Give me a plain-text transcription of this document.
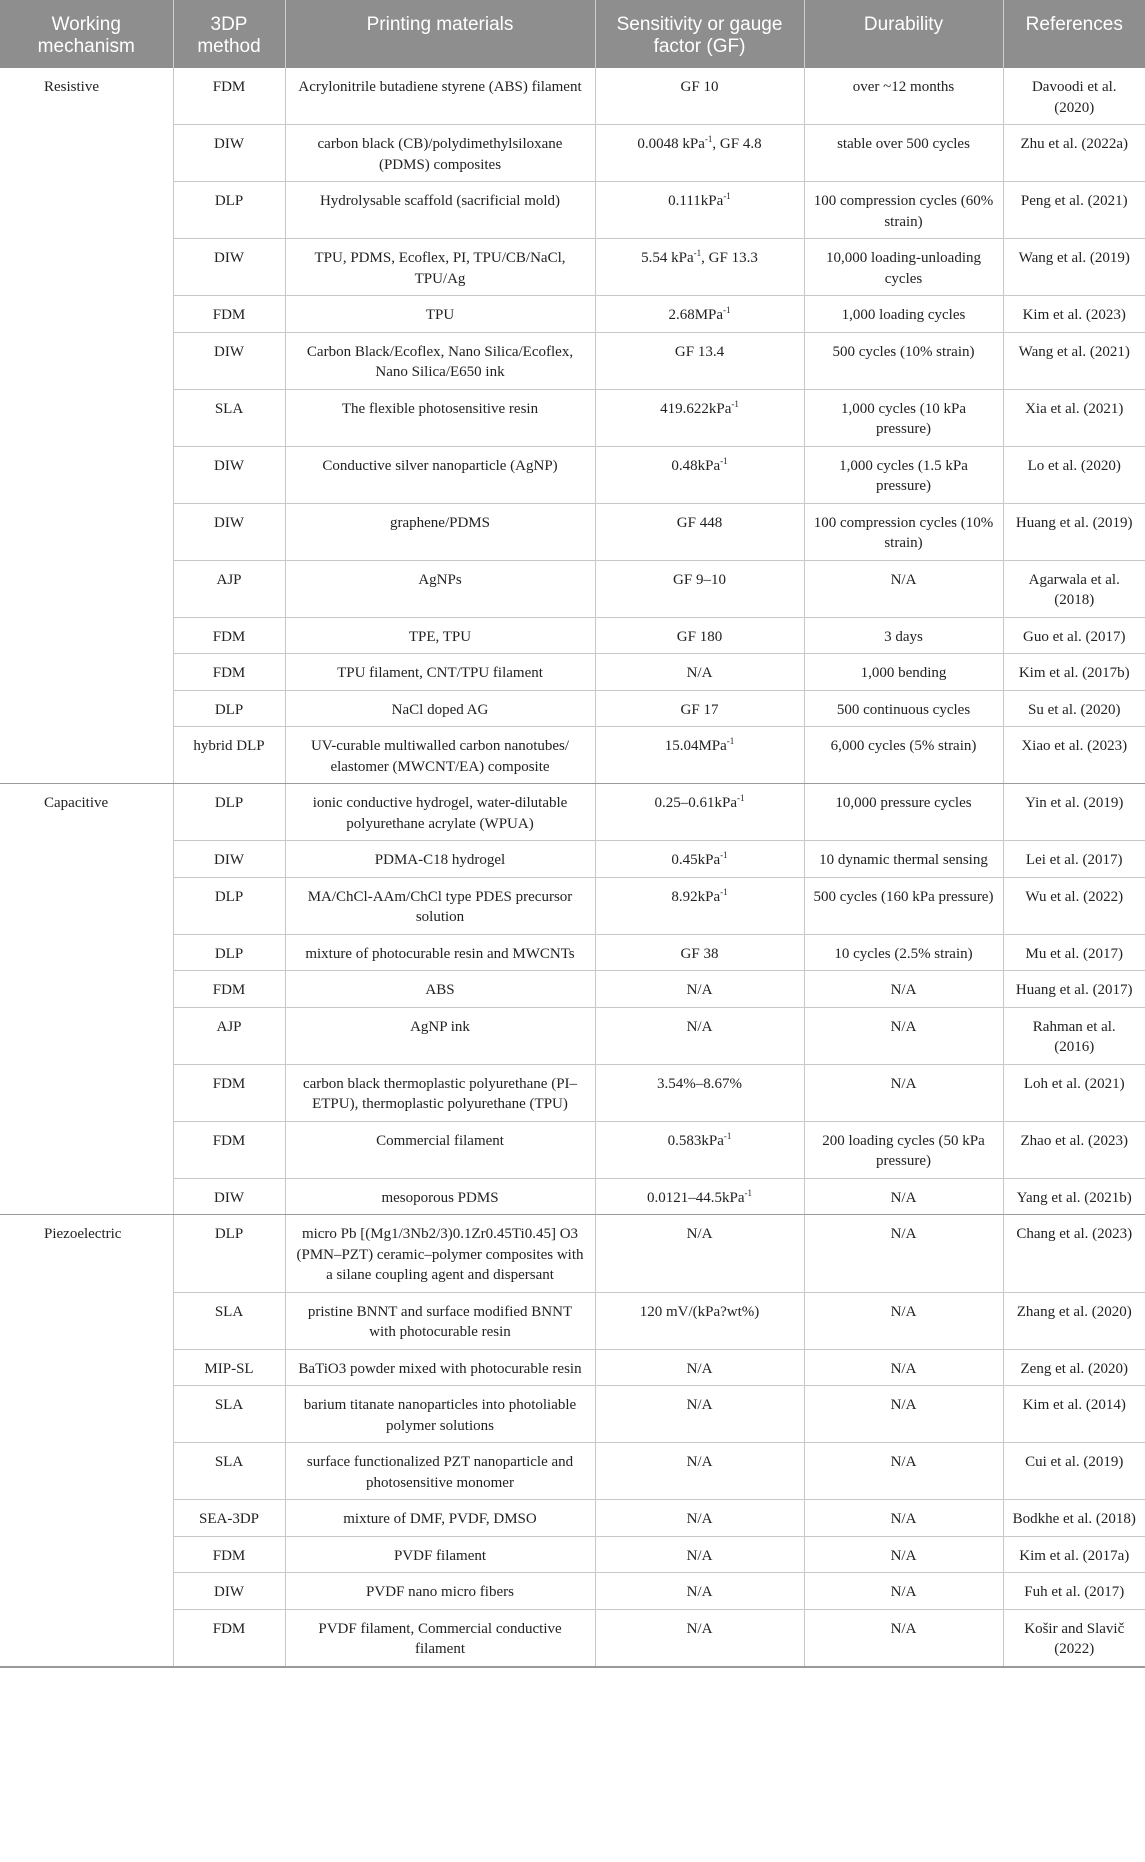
Working mechanism	3DP method	Printing materials	Sensitivity or gauge factor (GF)	Durability	References
Resistive	FDM	Acrylonitrile butadiene styrene (ABS) filament	GF 10	over ~12 months	Davoodi et al. (2020)
	DIW	carbon black (CB)/polydimethylsiloxane (PDMS) composites	0.0048 kPa$^{-1}$, GF 4.8	stable over 500 cycles	Zhu et al. (2022a)
	DLP	Hydrolysable scaffold (sacrificial mold)	0.111kPa$^{-1}$	100 compression cycles (60% strain)	Peng et al. (2021)
	DIW	TPU, PDMS, Ecoflex, PI, TPU/CB/NaCl, TPU/Ag	5.54 kPa$^{-1}$, GF 13.3	10,000 loading-unloading cycles	Wang et al. (2019)
	FDM	TPU	2.68MPa$^{-1}$	1,000 loading cycles	Kim et al. (2023)
	DIW	Carbon Black/Ecoflex, Nano Silica/Ecoflex, Nano Silica/E650 ink	GF 13.4	500 cycles (10% strain)	Wang et al. (2021)
	SLA	The flexible photosensitive resin	419.622kPa$^{-1}$	1,000 cycles (10 kPa pressure)	Xia et al. (2021)
	DIW	Conductive silver nanoparticle (AgNP)	0.48kPa$^{-1}$	1,000 cycles (1.5 kPa pressure)	Lo et al. (2020)
	DIW	graphene/PDMS	GF 448	100 compression cycles (10% strain)	Huang et al. (2019)
	AJP	AgNPs	GF 9–10	N/A	Agarwala et al. (2018)
	FDM	TPE, TPU	GF 180	3 days	Guo et al. (2017)
	FDM	TPU filament, CNT/TPU filament	N/A	1,000 bending	Kim et al. (2017b)
	DLP	NaCl doped AG	GF 17	500 continuous cycles	Su et al. (2020)
	hybrid DLP	UV-curable multiwalled carbon nanotubes/ elastomer (MWCNT/EA) composite	15.04MPa$^{-1}$	6,000 cycles (5% strain)	Xiao et al. (2023)
Capacitive	DLP	ionic conductive hydrogel, water-dilutable polyurethane acrylate (WPUA)	0.25–0.61kPa$^{-1}$	10,000 pressure cycles	Yin et al. (2019)
	DIW	PDMA-C18 hydrogel	0.45kPa$^{-1}$	10 dynamic thermal sensing	Lei et al. (2017)
	DLP	MA/ChCl-AAm/ChCl type PDES precursor solution	8.92kPa$^{-1}$	500 cycles (160 kPa pressure)	Wu et al. (2022)
	DLP	mixture of photocurable resin and MWCNTs	GF 38	10 cycles (2.5% strain)	Mu et al. (2017)
	FDM	ABS	N/A	N/A	Huang et al. (2017)
	AJP	AgNP ink	N/A	N/A	Rahman et al. (2016)
	FDM	carbon black thermoplastic polyurethane (PI–ETPU), thermoplastic polyurethane (TPU)	3.54%–8.67%	N/A	Loh et al. (2021)
	FDM	Commercial filament	0.583kPa$^{-1}$	200 loading cycles (50 kPa pressure)	Zhao et al. (2023)
	DIW	mesoporous PDMS	0.0121–44.5kPa$^{-1}$	N/A	Yang et al. (2021b)
Piezoelectric	DLP	micro Pb [(Mg1/3Nb2/3)0.1Zr0.45Ti0.45] O3 (PMN–PZT) ceramic–polymer composites with a silane coupling agent and dispersant	N/A	N/A	Chang et al. (2023)
	SLA	pristine BNNT and surface modified BNNT with photocurable resin	120 mV/(kPa?wt%)	N/A	Zhang et al. (2020)
	MIP-SL	BaTiO3 powder mixed with photocurable resin	N/A	N/A	Zeng et al. (2020)
	SLA	barium titanate nanoparticles into photoliable polymer solutions	N/A	N/A	Kim et al. (2014)
	SLA	surface functionalized PZT nanoparticle and photosensitive monomer	N/A	N/A	Cui et al. (2019)
	SEA-3DP	mixture of DMF, PVDF, DMSO	N/A	N/A	Bodkhe et al. (2018)
	FDM	PVDF filament	N/A	N/A	Kim et al. (2017a)
	DIW	PVDF nano micro fibers	N/A	N/A	Fuh et al. (2017)
	FDM	PVDF filament, Commercial conductive filament	N/A	N/A	Košir and Slavič (2022)
